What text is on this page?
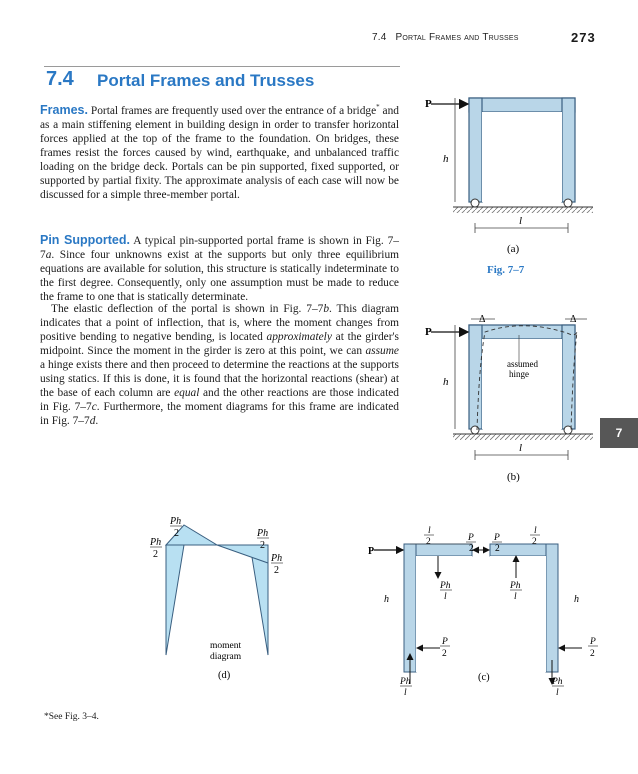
7.4 Portal Frames and Trusses	273
7.4 Portal Frames and Trusses
Frames. Portal frames are frequently used over the entrance of a bridge* and as a main stiffening element in building design in order to transfer horizontal forces applied at the top of the frame to the foundation. On bridges, these frames resist the forces caused by wind, earthquake, and unbalanced traffic loading on the bridge deck. Portals can be pin supported, fixed supported, or supported by partial fixity. The approximate analysis of each case will now be discussed for a simple three-member portal.
Pin Supported. A typical pin-supported portal frame is shown in Fig. 7–7a. Since four unknowns exist at the supports but only three equilibrium equations are available for solution, this structure is statically indeterminate to the first degree. Consequently, only one assumption must be made to reduce the frame to one that is statically determinate.
The elastic deflection of the portal is shown in Fig. 7–7b. This diagram indicates that a point of inflection, that is, where the moment changes from positive bending to negative bending, is located approximately at the girder's midpoint. Since the moment in the girder is zero at this point, we can assume a hinge exists there and then proceed to determine the reactions at the supports using statics. If this is done, it is found that the horizontal reactions (shear) at the base of each column are equal and the other reactions are those indicated in Fig. 7–7c. Furthermore, the moment diagrams for this frame are indicated in Fig. 7–7d.
7
*See Fig. 3–4.
P
h
l
(a)
Fig. 7–7
assumed
hinge
Δ	Δ
P
h
l
(b)
Ph
2
Ph
2
Ph
2
Ph
2
moment
diagram
(d)
P
l
2
l
2
P
2
P
2
Ph
l
Ph
l
h	h
P
2
P
2
Ph
l
Ph
l
(c)
